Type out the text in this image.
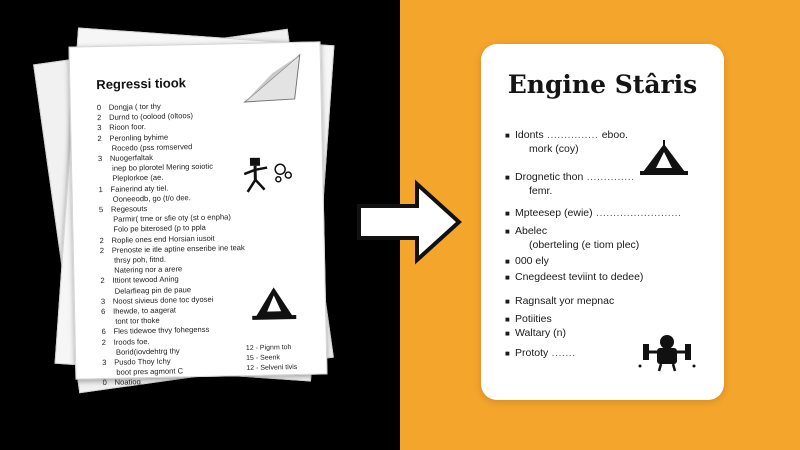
Regressi tiook
0 Dongja ( tor thy
2 Durnd to (oolood (oltoos)
3 Rioon foor.
2 Peronling byhime
Rocedo (pss romserved
3 Nuogerfaltak
inep bo plorotel Mering soiotic
Pleplorkoe (ae.
1 Fainerind aty tiel.
Ooneeodb, go (t/o dee.
5 Regesouts
Parmir( trne or sfie oty (st o enpha)
Folo pe biterosed (p to ppla
2 Roplie ones end Horsian iusoit
2 Prenoste ie itle aptine enseribe ine teak
thrsy poh, fitnd.
Natering nor a arere
2 Ittiont tewood Aning
Delarfieag pin de paue
3 Noost sivieus done toc dyosei
6 Ihewde, to aagerat
tont tor thoke
6 Fles tidewoe thvy fohegenss
2 Iroods foe.
Borid(iovdehtrg thy
3 Pusdo Thoy Ichy
boot pres agmont C
0 Noatiog
12 - Pignm toh
15 - Seenk
12 - Selveni tivis
Engine Stâris
■ Idonts ............... eboo.
mork (coy)
■ Drognetic thon ..............
femr.
■ Mpteesep (ewie) .........................
■ Abelec
(oberteling (e tiom plec)
■ 000 ely
■ Cnegdeest teviint to dedee)
■ Ragnsalt yor mepnac
■ Potiities
■ Waltary (n)
■ Prototy .......
